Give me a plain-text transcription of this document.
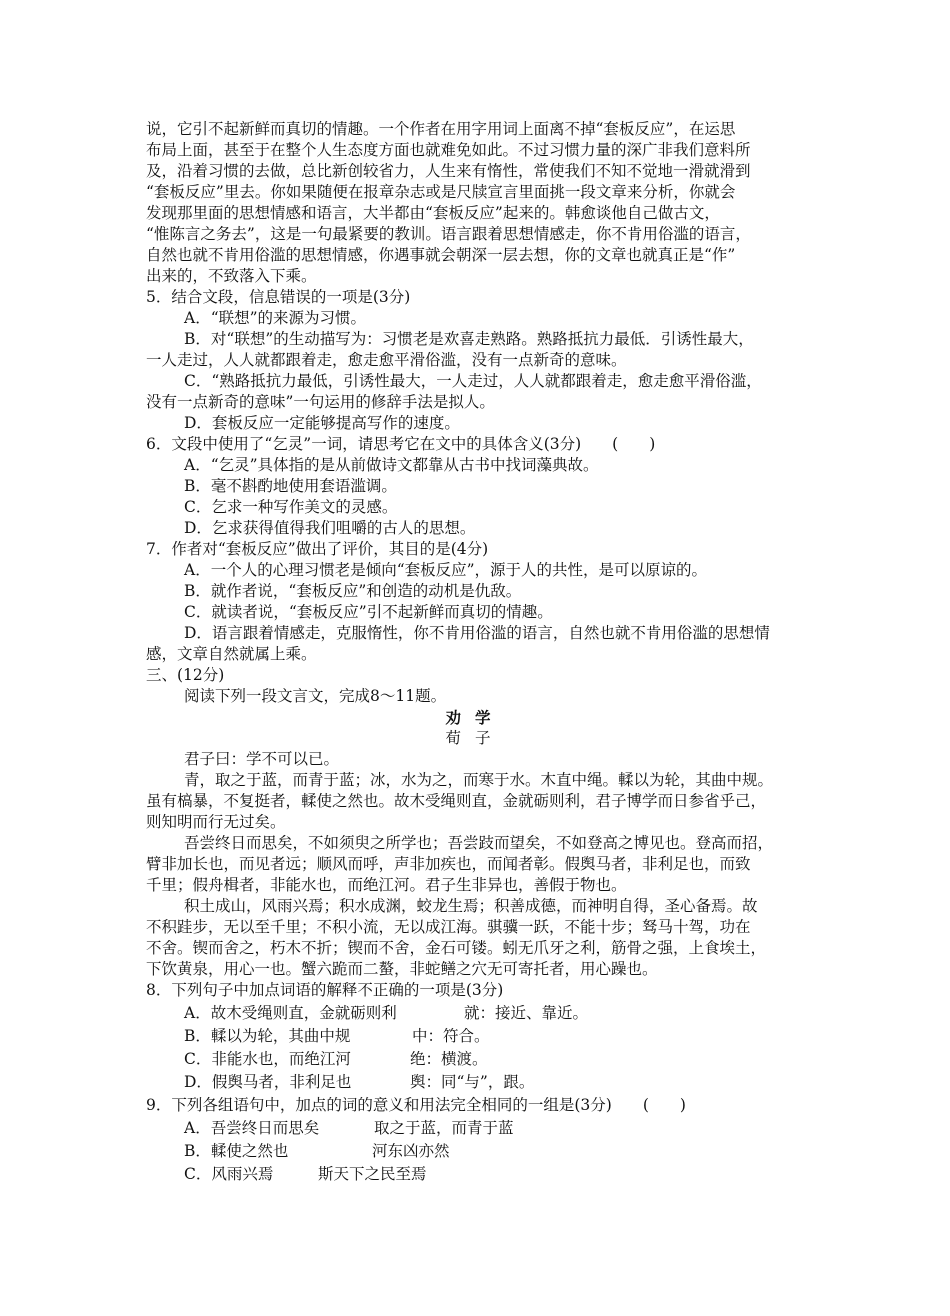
说，它引不起新鲜而真切的情趣。一个作者在用字用词上面离不掉“套板反应”，在运思
布局上面，甚至于在整个人生态度方面也就难免如此。不过习惯力量的深广非我们意料所
及，沿着习惯的去做，总比新创较省力，人生来有惰性，常使我们不知不觉地一滑就滑到
“套板反应”里去。你如果随便在报章杂志或是尺牍宣言里面挑一段文章来分析，你就会
发现那里面的思想情感和语言，大半都由“套板反应”起来的。韩愈谈他自己做古文，
“惟陈言之务去”，这是一句最紧要的教训。语言跟着思想情感走，你不肯用俗滥的语言，
自然也就不肯用俗滥的思想情感，你遇事就会朝深一层去想，你的文章也就真正是“作”
出来的，不致落入下乘。
5．结合文段，信息错误的一项是(3分)
A．“联想”的来源为习惯。
B．对“联想”的生动描写为：习惯老是欢喜走熟路。熟路抵抗力最低．引诱性最大，
一人走过，人人就都跟着走，愈走愈平滑俗滥，没有一点新奇的意味。
C．“熟路抵抗力最低，引诱性最大，一人走过，人人就都跟着走，愈走愈平滑俗滥，
没有一点新奇的意味”一句运用的修辞手法是拟人。
D．套板反应一定能够提高写作的速度。
6．文段中使用了“乞灵”一词，请思考它在文中的具体含义(3分)　　(　　)
A．“乞灵”具体指的是从前做诗文都靠从古书中找词藻典故。
B．毫不斟酌地使用套语滥调。
C．乞求一种写作美文的灵感。
D．乞求获得值得我们咀嚼的古人的思想。
7．作者对“套板反应”做出了评价，其目的是(4分)
A．一个人的心理习惯老是倾向“套板反应”，源于人的共性，是可以原谅的。
B．就作者说，“套板反应”和创造的动机是仇敌。
C．就读者说，“套板反应”引不起新鲜而真切的情趣。
D．语言跟着情感走，克服惰性，你不肯用俗滥的语言，自然也就不肯用俗滥的思想情
感，文章自然就属上乘。
三、(12分)
阅读下列一段文言文，完成8～11题。
劝学
荀子
君子曰：学不可以已。
青，取之于蓝，而青于蓝；冰，水为之，而寒于水。木直中绳。輮以为轮，其曲中规。
虽有槁暴，不复挺者，輮使之然也。故木受绳则直，金就砺则利，君子博学而日参省乎己，
则知明而行无过矣。
吾尝终日而思矣，不如须臾之所学也；吾尝跂而望矣，不如登高之博见也。登高而招，
臂非加长也，而见者远；顺风而呼，声非加疾也，而闻者彰。假舆马者，非利足也，而致
千里；假舟楫者，非能水也，而绝江河。君子生非异也，善假于物也。
积土成山，风雨兴焉；积水成渊，蛟龙生焉；积善成德，而神明自得，圣心备焉。故
不积跬步，无以至千里；不积小流，无以成江海。骐骥一跃，不能十步；驽马十驾，功在
不舍。锲而舍之，朽木不折；锲而不舍，金石可镂。蚓无爪牙之利，筋骨之强，上食埃土，
下饮黄泉，用心一也。蟹六跪而二螯，非蛇鳝之穴无可寄托者，用心躁也。
8．下列句子中加点词语的解释不正确的一项是(3分)
A．故木受绳则直，金就砺则利	就：接近、靠近。
B．輮以为轮，其曲中规	中：符合。
C．非能水也，而绝江河	绝：横渡。
D．假舆马者，非利足也	舆：同“与”，跟。
9．下列各组语句中，加点的词的意义和用法完全相同的一组是(3分)　　(　　)
A．吾尝终日而思矣	取之于蓝，而青于蓝
B．輮使之然也	河东凶亦然
C．风雨兴焉	斯天下之民至焉
